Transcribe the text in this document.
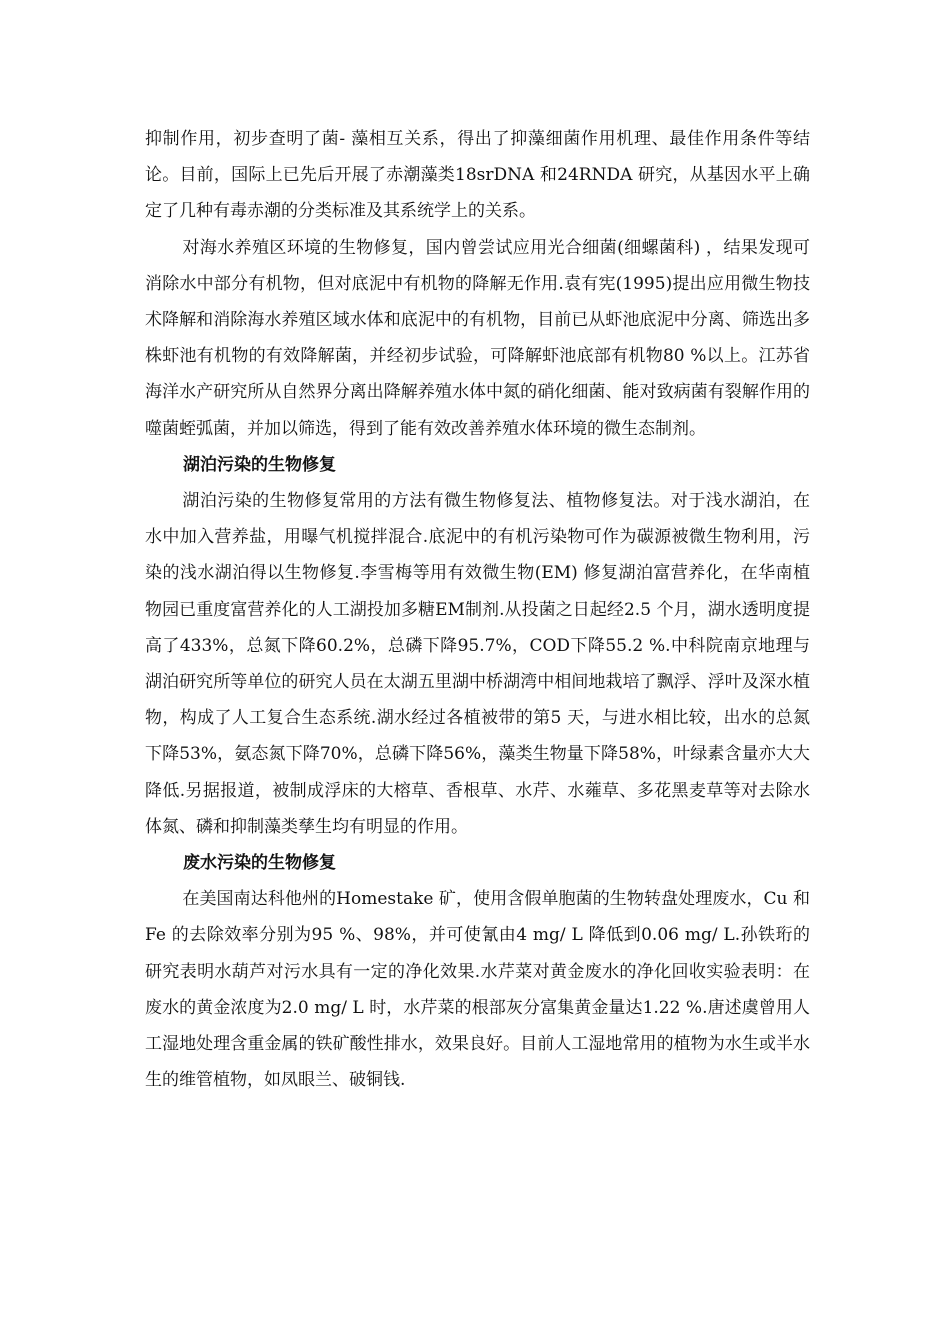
抑制作用，初步查明了菌- 藻相互关系，得出了抑藻细菌作用机理、最佳作用条件等结论。目前，国际上已先后开展了赤潮藻类18srDNA 和24RNDA 研究，从基因水平上确定了几种有毒赤潮的分类标准及其系统学上的关系。

对海水养殖区环境的生物修复，国内曾尝试应用光合细菌(细螺菌科) ，结果发现可消除水中部分有机物，但对底泥中有机物的降解无作用.袁有宪(1995)提出应用微生物技术降解和消除海水养殖区域水体和底泥中的有机物，目前已从虾池底泥中分离、筛选出多株虾池有机物的有效降解菌，并经初步试验，可降解虾池底部有机物80 %以上。江苏省海洋水产研究所从自然界分离出降解养殖水体中氮的硝化细菌、能对致病菌有裂解作用的噬菌蛭弧菌，并加以筛选，得到了能有效改善养殖水体环境的微生态制剂。

湖泊污染的生物修复

湖泊污染的生物修复常用的方法有微生物修复法、植物修复法。对于浅水湖泊，在水中加入营养盐，用曝气机搅拌混合.底泥中的有机污染物可作为碳源被微生物利用，污染的浅水湖泊得以生物修复.李雪梅等用有效微生物(EM) 修复湖泊富营养化，在华南植物园已重度富营养化的人工湖投加多糖EM制剂.从投菌之日起经2.5 个月，湖水透明度提高了433%，总氮下降60.2%，总磷下降95.7%，COD下降55.2 %.中科院南京地理与湖泊研究所等单位的研究人员在太湖五里湖中桥湖湾中相间地栽培了飘浮、浮叶及深水植物，构成了人工复合生态系统.湖水经过各植被带的第5 天，与进水相比较，出水的总氮下降53%，氨态氮下降70%，总磷下降56%，藻类生物量下降58%，叶绿素含量亦大大降低.另据报道，被制成浮床的大榕草、香根草、水芹、水蕹草、多花黑麦草等对去除水体氮、磷和抑制藻类孳生均有明显的作用。

废水污染的生物修复

在美国南达科他州的Homestake 矿，使用含假单胞菌的生物转盘处理废水，Cu 和Fe 的去除效率分别为95 %、98%，并可使氰由4 mg/ L 降低到0.06 mg/ L.孙铁珩的研究表明水葫芦对污水具有一定的净化效果.水芹菜对黄金废水的净化回收实验表明：在废水的黄金浓度为2.0 mg/ L 时，水芹菜的根部灰分富集黄金量达1.22 %.唐述虞曾用人工湿地处理含重金属的铁矿酸性排水，效果良好。目前人工湿地常用的植物为水生或半水生的维管植物，如凤眼兰、破铜钱.
